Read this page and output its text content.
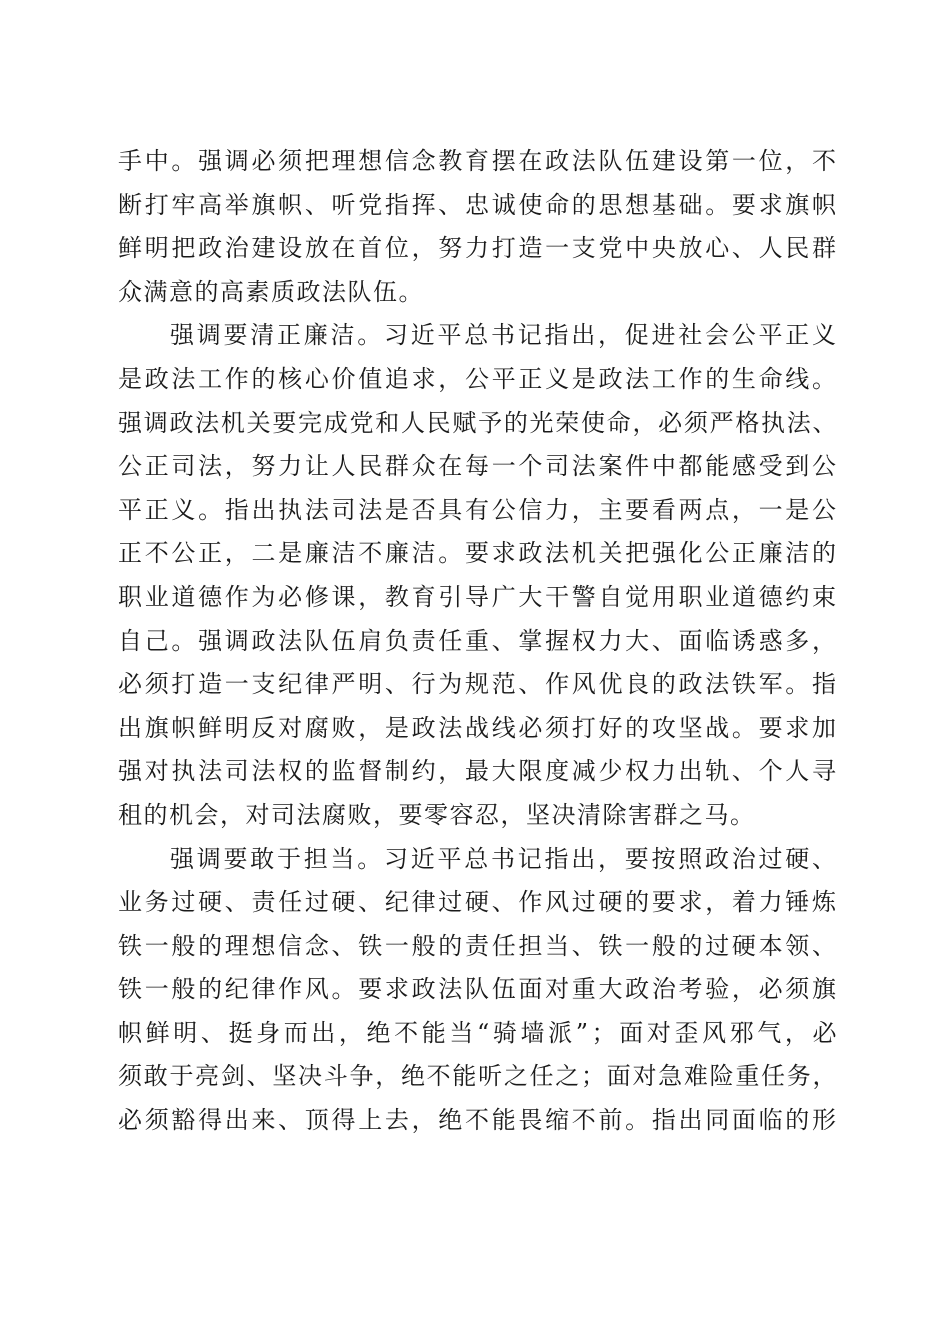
手中。强调必须把理想信念教育摆在政法队伍建设第一位，不
断打牢高举旗帜、听党指挥、忠诚使命的思想基础。要求旗帜
鲜明把政治建设放在首位，努力打造一支党中央放心、人民群
众满意的高素质政法队伍。
强调要清正廉洁。习近平总书记指出，促进社会公平正义
是政法工作的核心价值追求，公平正义是政法工作的生命线。
强调政法机关要完成党和人民赋予的光荣使命，必须严格执法、
公正司法，努力让人民群众在每一个司法案件中都能感受到公
平正义。指出执法司法是否具有公信力，主要看两点，一是公
正不公正，二是廉洁不廉洁。要求政法机关把强化公正廉洁的
职业道德作为必修课，教育引导广大干警自觉用职业道德约束
自己。强调政法队伍肩负责任重、掌握权力大、面临诱惑多，
必须打造一支纪律严明、行为规范、作风优良的政法铁军。指
出旗帜鲜明反对腐败，是政法战线必须打好的攻坚战。要求加
强对执法司法权的监督制约，最大限度减少权力出轨、个人寻
租的机会，对司法腐败，要零容忍，坚决清除害群之马。
强调要敢于担当。习近平总书记指出，要按照政治过硬、
业务过硬、责任过硬、纪律过硬、作风过硬的要求，着力锤炼
铁一般的理想信念、铁一般的责任担当、铁一般的过硬本领、
铁一般的纪律作风。要求政法队伍面对重大政治考验，必须旗
帜鲜明、挺身而出，绝不能当“骑墙派”；面对歪风邪气，必
须敢于亮剑、坚决斗争，绝不能听之任之；面对急难险重任务，
必须豁得出来、顶得上去，绝不能畏缩不前。指出同面临的形
